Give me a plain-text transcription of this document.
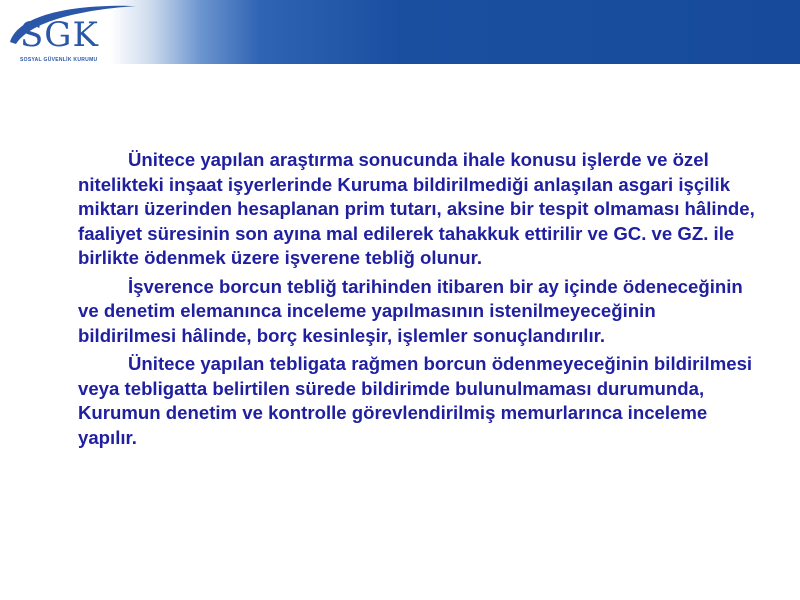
SGK
SOSYAL GÜVENLİK KURUMU

Ünitece yapılan araştırma sonucunda ihale konusu işlerde ve özel nitelikteki inşaat işyerlerinde Kuruma bildirilmediği anlaşılan asgari işçilik miktarı üzerinden hesaplanan prim tutarı, aksine bir tespit olmaması hâlinde, faaliyet süresinin son ayına mal edilerek tahakkuk ettirilir ve GC. ve GZ. ile birlikte ödenmek üzere işverene tebliğ olunur.

İşverence borcun tebliğ tarihinden itibaren bir ay içinde ödeneceğinin ve denetim elemanınca inceleme yapılmasının istenilmeyeceğinin bildirilmesi hâlinde, borç kesinleşir, işlemler sonuçlandırılır.

Ünitece yapılan tebligata rağmen borcun ödenmeyeceğinin bildirilmesi veya tebligatta belirtilen sürede bildirimde bulunulmaması durumunda, Kurumun denetim ve kontrolle görevlendirilmiş memurlarınca inceleme yapılır.
